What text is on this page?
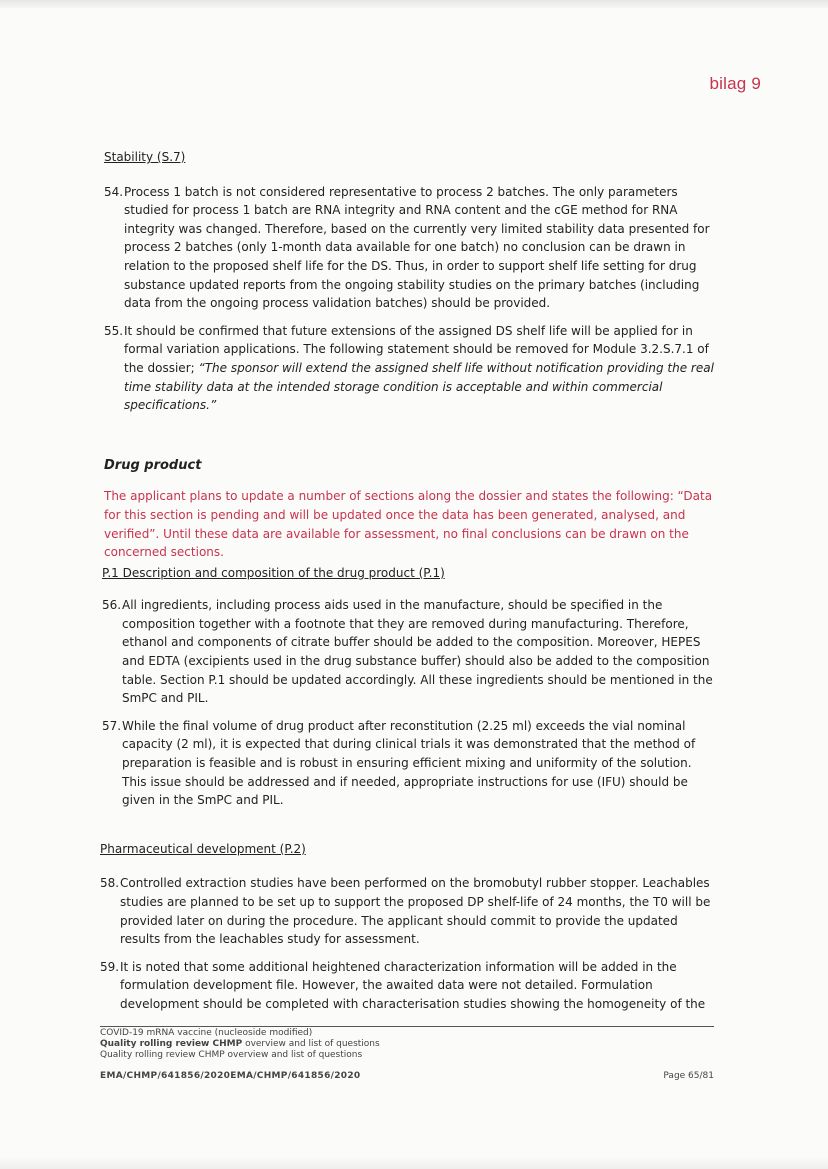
bilag 9
Stability (S.7)
54. Process 1 batch is not considered representative to process 2 batches. The only parameters studied for process 1 batch are RNA integrity and RNA content and the cGE method for RNA integrity was changed. Therefore, based on the currently very limited stability data presented for process 2 batches (only 1-month data available for one batch) no conclusion can be drawn in relation to the proposed shelf life for the DS. Thus, in order to support shelf life setting for drug substance updated reports from the ongoing stability studies on the primary batches (including data from the ongoing process validation batches) should be provided.
55. It should be confirmed that future extensions of the assigned DS shelf life will be applied for in formal variation applications. The following statement should be removed for Module 3.2.S.7.1 of the dossier; “The sponsor will extend the assigned shelf life without notification providing the real time stability data at the intended storage condition is acceptable and within commercial specifications.”
Drug product
The applicant plans to update a number of sections along the dossier and states the following: “Data for this section is pending and will be updated once the data has been generated, analysed, and verified”. Until these data are available for assessment, no final conclusions can be drawn on the concerned sections.
P.1 Description and composition of the drug product (P.1)
56. All ingredients, including process aids used in the manufacture, should be specified in the composition together with a footnote that they are removed during manufacturing. Therefore, ethanol and components of citrate buffer should be added to the composition. Moreover, HEPES and EDTA (excipients used in the drug substance buffer) should also be added to the composition table. Section P.1 should be updated accordingly. All these ingredients should be mentioned in the SmPC and PIL.
57. While the final volume of drug product after reconstitution (2.25 ml) exceeds the vial nominal capacity (2 ml), it is expected that during clinical trials it was demonstrated that the method of preparation is feasible and is robust in ensuring efficient mixing and uniformity of the solution. This issue should be addressed and if needed, appropriate instructions for use (IFU) should be given in the SmPC and PIL.
Pharmaceutical development (P.2)
58. Controlled extraction studies have been performed on the bromobutyl rubber stopper. Leachables studies are planned to be set up to support the proposed DP shelf-life of 24 months, the T0 will be provided later on during the procedure. The applicant should commit to provide the updated results from the leachables study for assessment.
59. It is noted that some additional heightened characterization information will be added in the formulation development file. However, the awaited data were not detailed. Formulation development should be completed with characterisation studies showing the homogeneity of the
COVID-19 mRNA vaccine (nucleoside modified)
Quality rolling review CHMP overview and list of questions
Quality rolling review CHMP overview and list of questions
EMA/CHMP/641856/2020EMA/CHMP/641856/2020	Page 65/81
